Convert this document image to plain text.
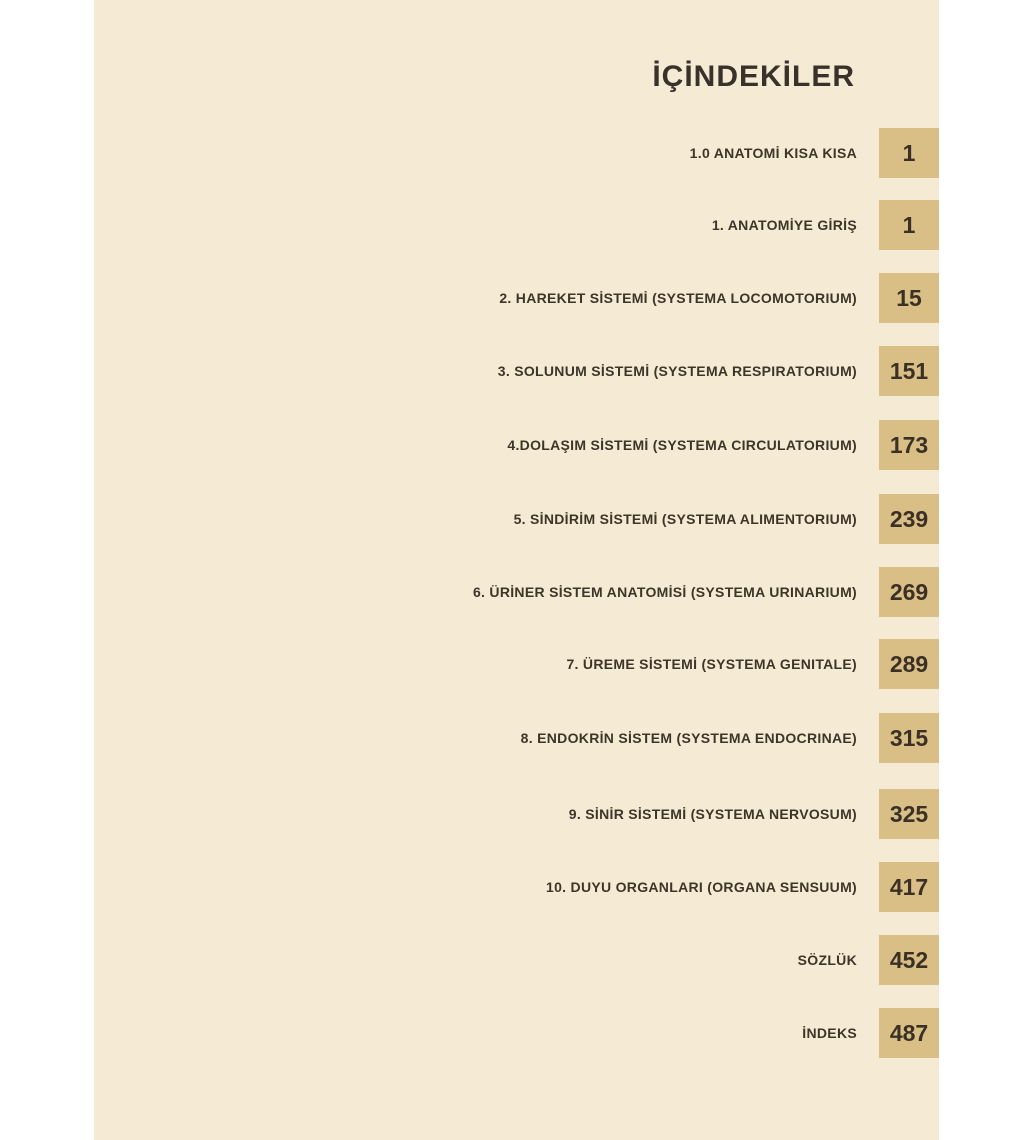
İÇİNDEKİLER
1.0 ANATOMİ KISA KISA	1
1. ANATOMİYE GİRİŞ	1
2. HAREKET SİSTEMİ (SYSTEMA LOCOMOTORIUM)	15
3. SOLUNUM SİSTEMİ (SYSTEMA RESPIRATORIUM)	151
4.DOLAŞIM SİSTEMİ (SYSTEMA CIRCULATORIUM)	173
5. SİNDİRİM SİSTEMİ (SYSTEMA ALIMENTORIUM)	239
6. ÜRİNER SİSTEM ANATOMİSİ (SYSTEMA URINARIUM)	269
7. ÜREME SİSTEMİ (SYSTEMA GENITALE)	289
8. ENDOKRİN SİSTEM (SYSTEMA ENDOCRINAE)	315
9. SİNİR SİSTEMİ (SYSTEMA NERVOSUM)	325
10. DUYU ORGANLARI (ORGANA SENSUUM)	417
SÖZLÜK	452
İNDEKS	487
